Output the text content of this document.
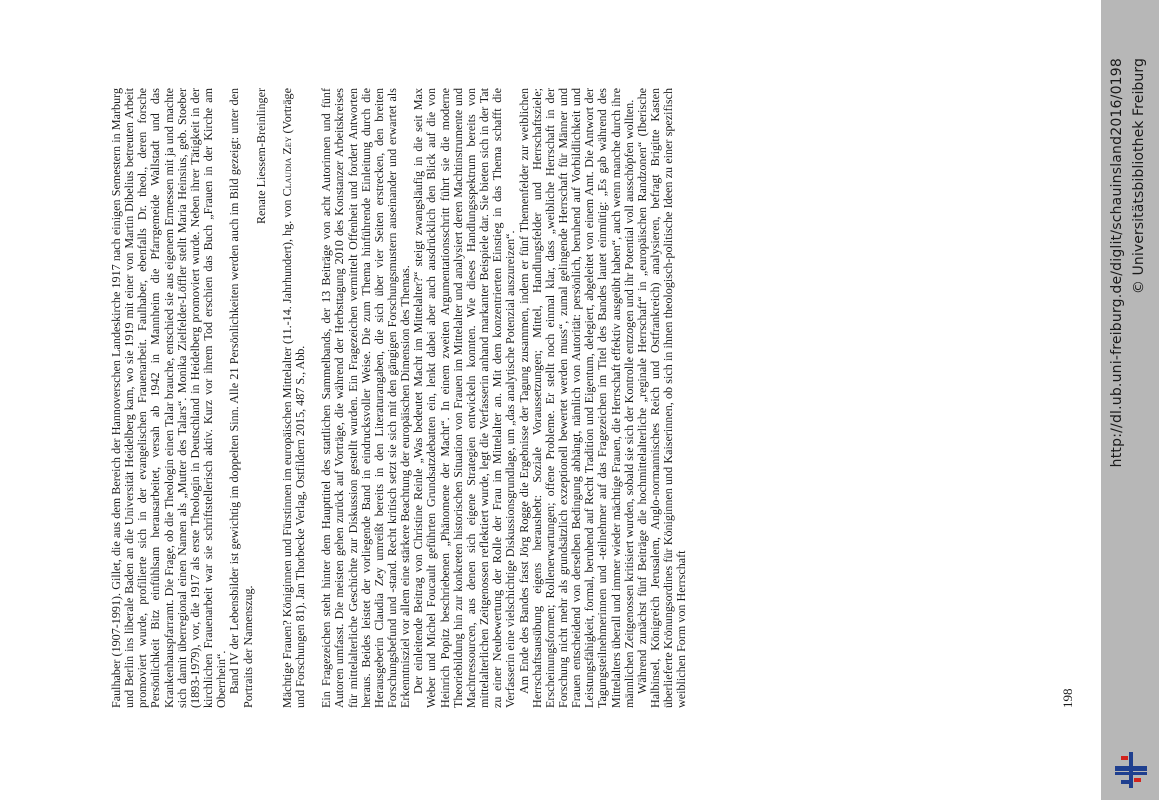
Faulhaber (1907-1991). Gillet, die aus dem Bereich der Hannoverschen Landeskirche 1917 nach einigen Semestern in Marburg und Berlin ins liberale Baden an die Universität Heidelberg kam, wo sie 1919 mit einer von Martin Dibelius betreuten Arbeit promoviert wurde, profilierte sich in der evangelischen Frauenarbeit. Faulhaber, ebenfalls Dr. theol., deren forsche Persönlichkeit Bitz einfühlsam herausarbeitet, versah ab 1942 in Mannheim die Pfarrgemeide Wallstadt und das Krankenhauspfarramt. Die Frage, ob die Theologin einen Talar brauche, entschied sie aus eigenem Ermessen mit ja und machte sich damit überregional einen Namen als „Mutter des Talars“. Monika Zielfelder-Löffler stellt Maria Heinsius, geb. Stoeber (1893-1979), vor, die 1917 als erste Theologin in Deutschland in Heidelberg promoviert wurde. Neben ihrer Tätigkeit in der kirchlichen Frauenarbeit war sie schriftstellerisch aktiv. Kurz vor ihrem Tod erschien das Buch „Frauen in der Kirche am Oberrhein“. Band IV der Lebensbilder ist gewichtig im doppelten Sinn. Alle 21 Persönlichkeiten werden auch im Bild gezeigt: unter den Portraits der Namenszug.

Renate Liessem-Breinlinger

Mächtige Frauen? Königinnen und Fürstinnen im europäischen Mittelalter (11.-14. Jahrhundert), hg. von Claudia Zey (Vorträge und Forschungen 81). Jan Thorbecke Verlag, Ostfildern 2015, 487 S., Abb. Ein Fragezeichen steht hinter dem Haupttitel des stattlichen Sammelbands, der 13 Beiträge von acht Autorinnen und fünf Autoren umfasst. Die meisten gehen zurück auf Vorträge, die während der Herbsttagung 2010 des Konstanzer Arbeitskreises für mittelalterliche Geschichte zur Diskussion gestellt wurden. Ein Fragezeichen vermittelt Offenheit und fordert Antworten heraus. Beides leistet der vorliegende Band in eindrucksvoller Weise. Die zum Thema hinführende Einleitung durch die Herausgeberin Claudia Zey umreißt bereits in den Literaturangaben, die sich über vier Seiten erstrecken, den breiten Forschungsbefund und -stand. Recht kritisch setzt sie sich mit den gängigen Forschungsmustern auseinander und erwartet als Erkenntnisziel vor allem eine stärkere Beachtung der europäischen Dimension des Themas. Der einleitende Beitrag von Christine Reinle „Was bedeutet Macht im Mittelalter?“ steigt zwangsläufig in die seit Max Weber und Michel Foucault geführten Grundsatzdebatten ein, lenkt dabei aber auch ausdrücklich den Blick auf die von Heinrich Popitz beschriebenen „Phänomene der Macht“. In einem zweiten Argumentationsschritt führt sie die moderne Theoriebildung hin zur konkreten historischen Situation von Frauen im Mittelalter und analysiert deren Machtinstrumente und Machtressourcen, aus denen sich eigene Strategien entwickeln konnten. Wie dieses Handlungsspektrum bereits von mittelalterlichen Zeitgenossen reflektiert wurde, legt die Verfasserin anhand markanter Beispiele dar. Sie bieten sich in der Tat zu einer Neubewertung der Rolle der Frau im Mittelalter an. Mit dem konzentrierten Einstieg in das Thema schafft die Verfasserin eine vielschichtige Diskussionsgrundlage, um „das analytische Potenzial auszureizen“. Am Ende des Bandes fasst Jörg Rogge die Ergebnisse der Tagung zusammen, indem er fünf Themenfelder zur weiblichen Herrschaftsausübung eigens heraushebt: Soziale Voraussetzungen; Mittel, Handlungsfelder und Herrschaftsziele; Erscheinungsformen; Rollenerwartungen; offene Probleme. Er stellt noch einmal klar, dass „weibliche Herrschaft in der Forschung nicht mehr als grundsätzlich exzeptionell bewertet werden muss“, zumal gelingende Herrschaft für Männer und Frauen entscheidend von derselben Bedingung abhängt, nämlich von Autorität: persönlich, beruhend auf Vorbildlichkeit und Leistungsfähigkeit, formal, beruhend auf Recht Tradition und Eigentum, delegiert, abgeleitet von einem Amt. Die Antwort der Tagungsteilnehmerinnen und -teilnehmer auf das Fragezeichen im Titel des Bandes lautet einmütig: „Es gab während des Mittelalters überall und immer wieder mächtige Frauen, die Herrschaft effektiv ausgeübt haben“, auch wenn manche durch ihre männlichen Zeitgenossen kritisiert wurden, sobald sie sich der Kontrolle entzogen und ihr Potential voll ausschöpfen wollten. Während zunächst fünf Beiträge die hochmittelalterliche „reginale Herrschaft“ in „europäischen Randzonen“ (Iberische Halbinsel, Königreich Jerusalem, Anglo-normannisches Reich und Ostfrankreich) analysieren, befragt Brigitte Kasten überlieferte Krönungsordines für Königinnen und Kaiserinnen, ob sich in ihnen theologisch-politische Ideen zu einer spezifisch weiblichen Form von Herrschaft	198
http://dl.ub.uni-freiburg.de/diglit/schauinsland2016/0198 © Universitätsbibliothek Freiburg
